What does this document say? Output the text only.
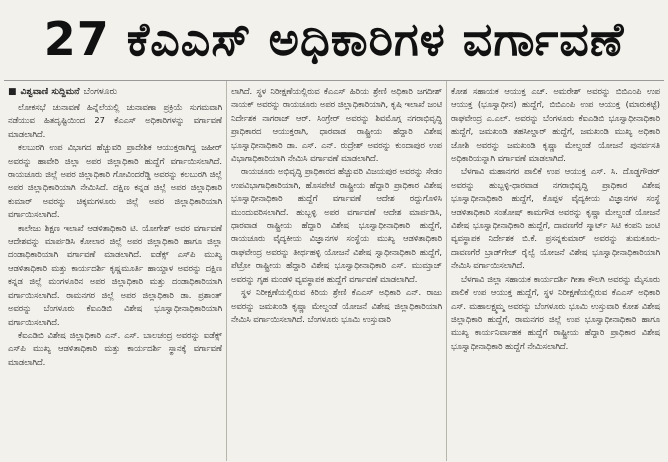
27 ಕೆಎಎಸ್ ಅಧಿಕಾರಿಗಳ ವರ್ಗಾವಣೆ
■ ವಿಶ್ವವಾಣಿ ಸುದ್ದಿಮನೆ ಬೆಂಗಳೂರು

ಲೋಕಸಭೆ ಚುನಾವಣೆ ಹಿನ್ನೆಲೆಯಲ್ಲಿ ಚುನಾವಣಾ ಪ್ರಕ್ರಿಯೆ ಸುಗಮವಾಗಿ ನಡೆಯುವ ಹಿತದೃಷ್ಟಿಯಿಂದ 27 ಕೆಎಎಸ್ ಅಧಿಕಾರಿಗಳನ್ನು ವರ್ಗಾವಣೆ ಮಾಡಲಾಗಿದೆ.

ಕಲಬುರಗಿ ಉಪ ವಿಭಾಗದ ಹೆಚ್ಚುವರಿ ಪ್ರಾದೇಶಿಕ ಆಯುಕ್ತರಾಗಿದ್ದ ಜಹೀರ್ ಅವರನ್ನು ಹಾವೇರಿ ಜಿಲ್ಲಾ ಅಪರ ಜಿಲ್ಲಾಧಿಕಾರಿ ಹುದ್ದೆಗೆ ವರ್ಗಾಯಿಸಲಾಗಿದೆ. ರಾಯಚೂರು ಜಿಲ್ಲೆ ಅಪರ ಜಿಲ್ಲಾಧಿಕಾರಿ ಗೋವಿಂದರೆಡ್ಡಿ ಅವರನ್ನು ಕಲಬುರಗಿ ಜಿಲ್ಲೆ ಅಪರ ಜಿಲ್ಲಾಧಿಕಾರಿಯಾಗಿ ನೇಮಿಸಿದೆ. ದಕ್ಷಿಣ ಕನ್ನಡ ಜಿಲ್ಲೆ ಅಪರ ಜಿಲ್ಲಾಧಿಕಾರಿ ಕುಮಾರ್ ಅವರನ್ನು ಚಿಕ್ಕಮಗಳೂರು ಜಿಲ್ಲೆ ಅಪರ ಜಿಲ್ಲಾಧಿಕಾರಿಯಾಗಿ ವರ್ಗಾಯಿಸಲಾಗಿದೆ.

ಕಾಲೇಜು ಶಿಕ್ಷಣ ಇಲಾಖೆ ಆಡಳಿತಾಧಿಕಾರಿ ಟಿ. ಯೋಗೇಶ್ ಅವರ ವರ್ಗಾವಣೆ ಆದೇಶವನ್ನು ಮಾರ್ಪಡಿಸಿ ಕೋಲಾರ ಜಿಲ್ಲೆ ಅಪರ ಜಿಲ್ಲಾಧಿಕಾರಿ ಹಾಗೂ ಜಿಲ್ಲಾ ದಂಡಾಧಿಕಾರಿಯಾಗಿ ವರ್ಗಾವಣೆ ಮಾಡಲಾಗಿದೆ. ಐಡೆಕ್ಸ್ ಎಸ್‌ಪಿ ಮುಖ್ಯ ಆಡಳಿತಾಧಿಕಾರಿ ಮತ್ತು ಕಾರ್ಯದರ್ಶಿ ಕೃಷ್ಣಮೂರ್ತಿ ಹಾಯ್ದಾಳ ಅವರನ್ನು ದಕ್ಷಿಣ ಕನ್ನಡ ಜಿಲ್ಲೆ ಮಂಗಳೂರಿನ ಅಪರ ಜಿಲ್ಲಾಧಿಕಾರಿ ಮತ್ತು ದಂಡಾಧಿಕಾರಿಯಾಗಿ ವರ್ಗಾಯಿಸಲಾಗಿದೆ. ರಾಮನಗರ ಜಿಲ್ಲೆ ಅಪರ ಜಿಲ್ಲಾಧಿಕಾರಿ ಡಾ. ಪ್ರಶಾಂತ್ ಅವರನ್ನು ಬೆಂಗಳೂರು ಕೆಐಎಡಿಬಿ ವಿಶೇಷ ಭೂಸ್ವಾಧೀನಾಧಿಕಾರಿಯಾಗಿ ವರ್ಗಾಯಿಸಲಾಗಿದೆ.

ಕೆಐಎಡಿಬಿ ವಿಶೇಷ ಜಿಲ್ಲಾಧಿಕಾರಿ ಎನ್. ಎಸ್. ಬಾಲಚಂದ್ರ ಅವರನ್ನು ಐಡೆಕ್ಸ್ ಎಸ್‌ಪಿ ಮುಖ್ಯ ಆಡಳಿತಾಧಿಕಾರಿ ಮತ್ತು ಕಾರ್ಯದರ್ಶಿ ಸ್ಥಾನಕ್ಕೆ ವರ್ಗಾವಣೆ ಮಾಡಲಾಗಿದೆ.

ಲಾಗಿದೆ. ಸ್ಥಳ ನಿರೀಕ್ಷಣೆಯಲ್ಲಿರುವ ಕೆಎಎಸ್ ಹಿರಿಯ ಶ್ರೇಣಿ ಅಧಿಕಾರಿ ಜಗದೀಶ್ ನಾಯಕ್ ಅವರನ್ನು ರಾಯಚೂರು ಅಪರ ಜಿಲ್ಲಾಧಿಕಾರಿಯಾಗಿ, ಕೃಷಿ ಇಲಾಖೆ ಜಂಟಿ ನಿರ್ದೇಶಕ ನಾಗರಾಜ್ ಆರ್. ಸಿಂಗ್ರೇರ್ ಅವರನ್ನು ಶಿವಮೊಗ್ಗ ನಗರಾಭಿವೃದ್ಧಿ ಪ್ರಾಧಿಕಾರದ ಆಯುಕ್ತರಾಗಿ, ಧಾರವಾಡ ರಾಷ್ಟ್ರೀಯ ಹೆದ್ದಾರಿ ವಿಶೇಷ ಭೂಸ್ವಾಧೀನಾಧಿಕಾರಿ ಡಾ. ಎಸ್. ಎನ್. ರುದ್ರೇಶ್ ಅವರನ್ನು ಕುಂದಾಪುರ ಉಪ ವಿಭಾಗಾಧಿಕಾರಿಯಾಗಿ ನೇಮಿಸಿ ವರ್ಗಾವಣೆ ಮಾಡಲಾಗಿದೆ.

ರಾಯಚೂರು ಅಭಿವೃದ್ಧಿ ಪ್ರಾಧಿಕಾರದ ಹೆಚ್ಚುವರಿ ವಿಜಯಪುರ ಅವರನ್ನು ಸೇಡಂ ಉಪವಿಭಾಗಾಧಿಕಾರಿಯಾಗಿ, ಹೊಸಪೇಟೆ ರಾಷ್ಟ್ರೀಯ ಹೆದ್ದಾರಿ ಪ್ರಾಧಿಕಾರ ವಿಶೇಷ ಭೂಸ್ವಾಧೀನಾಧಿಕಾರಿ ಹುದ್ದೆಗೆ ವರ್ಗಾವಣೆ ಆದೇಶ ರದ್ದುಗೊಳಿಸಿ ಮುಂದುವರಿಸಲಾಗಿದೆ. ಹುಬ್ಬಳ್ಳಿ ಅಪರ ವರ್ಗಾವಣೆ ಆದೇಶ ಮಾರ್ಪಡಿಸಿ, ಧಾರವಾಡ ರಾಷ್ಟ್ರೀಯ ಹೆದ್ದಾರಿ ವಿಶೇಷ ಭೂಸ್ವಾಧೀನಾಧಿಕಾರಿ ಹುದ್ದೆಗೆ, ರಾಯಚೂರು ವೈದ್ಯಕೀಯ ವಿಜ್ಞಾನಗಳ ಸಂಸ್ಥೆಯ ಮುಖ್ಯ ಆಡಳಿತಾಧಿಕಾರಿ ರಾಘವೇಂದ್ರ ಅವರನ್ನು ತೀರ್ಥಹಳ್ಳಿ ಯೋಜನೆ ವಿಶೇಷ ಸ್ವಾಧೀನಾಧಿಕಾರಿ ಹುದ್ದೆಗೆ, ಪೆಟ್ರೋ ರಾಷ್ಟ್ರೀಯ ಹೆದ್ದಾರಿ ವಿಶೇಷ ಭೂಸ್ವಾಧೀನಾಧಿಕಾರಿ ಎಸ್. ಮುಮ್ತಾಜ್ ಅವರನ್ನು ಗೃಹ ಮಂಡಳಿ ವ್ಯವಸ್ಥಾಪಕ ಹುದ್ದೆಗೆ ವರ್ಗಾವಣೆ ಮಾಡಲಾಗಿದೆ.

ಸ್ಥಳ ನಿರೀಕ್ಷಣೆಯಲ್ಲಿರುವ ಕಿರಿಯ ಶ್ರೇಣಿ ಕೆಎಎಸ್ ಅಧಿಕಾರಿ ಎನ್. ರಾಜು ಅವರನ್ನು ಜಮಖಂಡಿ ಕೃಷ್ಣಾ ಮೇಲ್ದಂಡೆ ಯೋಜನೆ ವಿಶೇಷ ಜಿಲ್ಲಾಧಿಕಾರಿಯಾಗಿ ನೇಮಿಸಿ ವರ್ಗಾಯಿಸಲಾಗಿದೆ. ಬೆಂಗಳೂರು ಭೂಮಿ ಉಸ್ತುವಾರಿ

ಕೋಶ ಸಹಾಯಕ ಆಯುಕ್ತ ಎಚ್. ಅಮರೇಶ್ ಅವರನ್ನು ಬಿಬಿಎಂಪಿ ಉಪ ಆಯುಕ್ತ (ಭೂಸ್ವಾಧೀನ) ಹುದ್ದೆಗೆ, ಬಿಬಿಎಂಪಿ ಉಪ ಆಯುಕ್ತ (ಮಾರುಕಟ್ಟೆ) ರಾಘವೇಂದ್ರ ಎ.ಎಲ್. ಅವರನ್ನು ಬೆಂಗಳೂರು ಕೆಐಎಡಿಬಿ ಭೂಸ್ವಾಧೀನಾಧಿಕಾರಿ ಹುದ್ದೆಗೆ, ಜಮಖಂಡಿ ತಹಸೀಲ್ದಾರ್ ಹುದ್ದೆಗೆ, ಜಮಖಂಡಿ ಮುಖ್ಯ ಅಧಿಕಾರಿ ಜೋಶಿ ಅವರನ್ನು ಜಮಖಂಡಿ ಕೃಷ್ಣಾ ಮೇಲ್ದಂಡೆ ಯೋಜನೆ ಪುನರ್ವಸತಿ ಅಧಿಕಾರಿಯನ್ನಾಗಿ ವರ್ಗಾವಣೆ ಮಾಡಲಾಗಿದೆ.

ಬೆಳಗಾವಿ ಮಹಾನಗರ ಪಾಲಿಕೆ ಉಪ ಆಯುಕ್ತ ಎಸ್. ಸಿ. ದೊಡ್ಡಗೌಡರ್ ಅವರನ್ನು ಹುಬ್ಬಳ್ಳಿ-ಧಾರವಾಡ ನಗರಾಭಿವೃದ್ಧಿ ಪ್ರಾಧಿಕಾರ ವಿಶೇಷ ಭೂಸ್ವಾಧೀನಾಧಿಕಾರಿ ಹುದ್ದೆಗೆ, ಕೊಪ್ಪಳ ವೈದ್ಯಕೀಯ ವಿಜ್ಞಾನಗಳ ಸಂಸ್ಥೆ ಆಡಳಿತಾಧಿಕಾರಿ ಸಂತೋಷ್ ಕಾಮಗೌಡ ಅವರನ್ನು ಕೃಷ್ಣಾ ಮೇಲ್ದಂಡೆ ಯೋಜನೆ ವಿಶೇಷ ಭೂಸ್ವಾಧೀನಾಧಿಕಾರಿ ಹುದ್ದೆಗೆ, ದಾವಣಗೆರೆ ಸ್ಮಾರ್ಟ್ ಸಿಟಿ ಕಂಪನಿ ಜಂಟಿ ವ್ಯವಸ್ಥಾಪಕ ನಿರ್ದೇಶಕ ಬಿ.ಕೆ. ಪ್ರಸನ್ನಕುಮಾರ್ ಅವರನ್ನು ತುಮಕೂರು-ದಾವಣಗೆರೆ ಬ್ರಾಡ್‌ಗೇಜ್ ರೈಲ್ವೆ ಯೋಜನೆ ವಿಶೇಷ ಭೂಸ್ವಾಧೀನಾಧಿಕಾರಿಯಾಗಿ ನೇಮಿಸಿ ವರ್ಗಾಯಿಸಲಾಗಿದೆ.

ಬೆಳಗಾವಿ ಜಿಲ್ಲಾ ಸಹಾಯಕ ಕಾರ್ಯದರ್ಶಿ ಗೀತಾ ಕೌಲಗಿ ಅವರನ್ನು ಮೈಸೂರು ಪಾಲಿಕೆ ಉಪ ಆಯುಕ್ತ ಹುದ್ದೆಗೆ, ಸ್ಥಳ ನಿರೀಕ್ಷಣೆಯಲ್ಲಿರುವ ಕೆಎಎಸ್ ಅಧಿಕಾರಿ ಎಸ್. ಮಹಾಲಕ್ಷ್ಮಮ್ಮ ಅವರನ್ನು ಬೆಂಗಳೂರು ಭೂಮಿ ಉಸ್ತುವಾರಿ ಕೋಶ ವಿಶೇಷ ಜಿಲ್ಲಾಧಿಕಾರಿ ಹುದ್ದೆಗೆ, ರಾಮನಗರ ಜಿಲ್ಲೆ ಉಪ ಭೂಸ್ವಾಧೀನಾಧಿಕಾರಿ ಹಾಗೂ ಮುಖ್ಯ ಕಾರ್ಯನಿರ್ವಾಹಕ ಹುದ್ದೆಗೆ ರಾಷ್ಟ್ರೀಯ ಹೆದ್ದಾರಿ ಪ್ರಾಧಿಕಾರ ವಿಶೇಷ ಭೂಸ್ವಾಧೀನಾಧಿಕಾರಿ ಹುದ್ದೆಗೆ ನೇಮಿಸಲಾಗಿದೆ.
